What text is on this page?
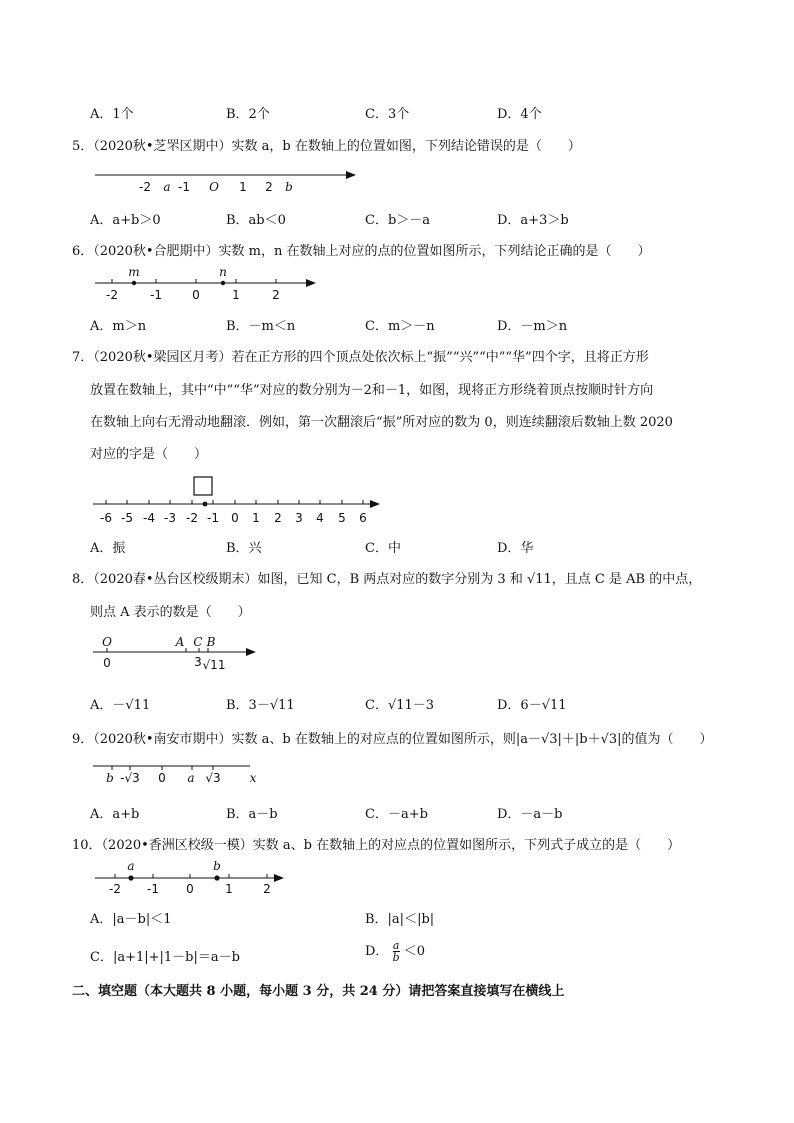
A．1个	B．2个	C．3个	D．4个
5．（2020秋•芝罘区期中）实数 a，b 在数轴上的位置如图，下列结论错误的是（　　）
-2 a -1 O 1 2 b
A．a+b＞0	B．ab＜0	C．b＞－a	D．a+3＞b
6．（2020秋•合肥期中）实数 m，n 在数轴上对应的点的位置如图所示，下列结论正确的是（　　）
m	n
-2	-1	0	1	2
A．m＞n	B．－m＜n	C．m＞－n	D．－m＞n
7．（2020秋•梁园区月考）若在正方形的四个顶点处依次标上“振”“兴”“中”“华”四个字，且将正方形
放置在数轴上，其中“中”“华”对应的数分别为－2和－1，如图，现将正方形绕着顶点按顺时针方向
在数轴上向右无滑动地翻滚．例如，第一次翻滚后“振”所对应的数为 0，则连续翻滚后数轴上数 2020
对应的字是（　　）
-6 -5 -4 -3 -2 -1 0 1 2 3 4 5 6
A．振	B．兴	C．中	D．华
8．（2020春•丛台区校级期末）如图，已知 C，B 两点对应的数字分别为 3 和 √11，且点 C 是 AB 的中点，
则点 A 表示的数是（　　）
O	A C B
0	3 √11
A．－√11	B．3－√11	C．√11－3	D．6－√11
9．（2020秋•南安市期中）实数 a、b 在数轴上的对应点的位置如图所示，则|a－√3|＋|b＋√3|的值为（　　）
b -√3 0 a √3 x
A．a+b	B．a－b	C．－a+b	D．－a－b
10．（2020•香洲区校级一模）实数 a、b 在数轴上的对应点的位置如图所示，下列式子成立的是（　　）
a	b
-2 -1 0	1	2
A．|a－b|＜1	B．|a|＜|b|
C．|a+1|+|1－b|＝a－b	D． $\frac{a}{b} <0$
二、填空题（本大题共 8 小题，每小题 3 分，共 24 分）请把答案直接填写在横线上
